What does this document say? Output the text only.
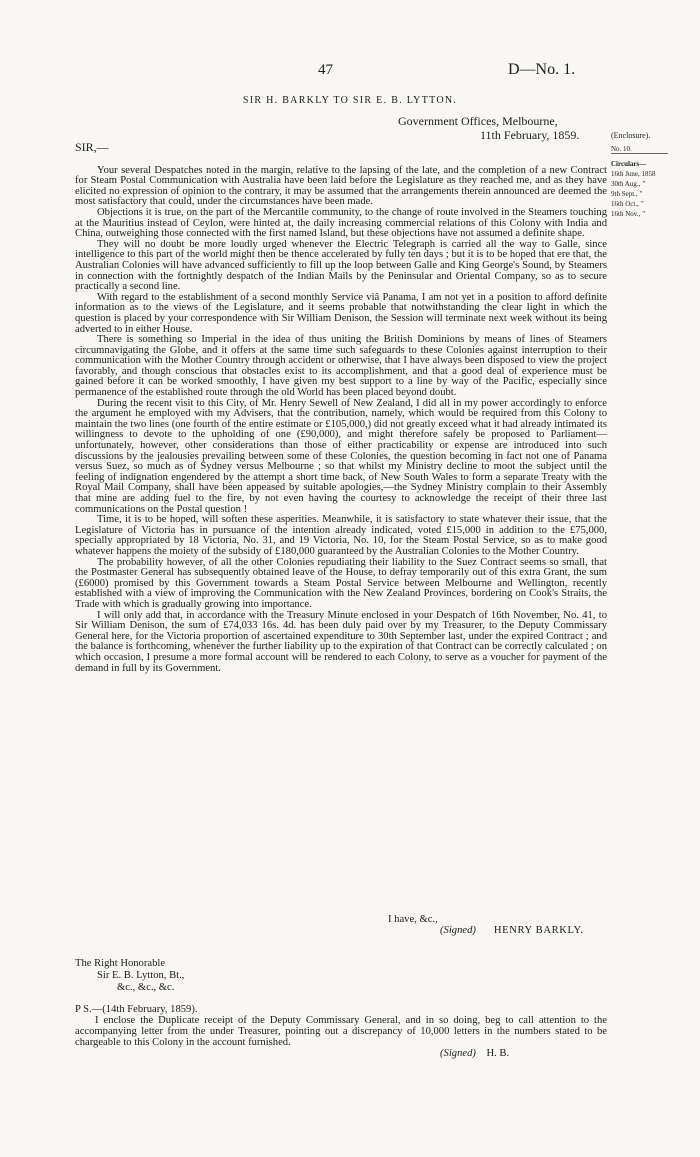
47	D—No. 1.
SIR H. BARKLY TO SIR E. B. LYTTON.
Government Offices, Melbourne,
11th February, 1859.	(Enclosure).
No. 10.
SIR,—
Circulars—
16th June, 1858
30th Aug., "
9th Sept., "
16th Oct., "
16th Nov., "

Your several Despatches noted in the margin, relative to the lapsing of the late, and the completion of a new Contract for Steam Postal Communication with Australia have been laid before the Legislature as they reached me, and as they have elicited no expression of opinion to the contrary, it may be assumed that the arrangements therein announced are deemed the most satisfactory that could, under the circumstances have been made.

Objections it is true, on the part of the Mercantile community, to the change of route involved in the Steamers touching at the Mauritius instead of Ceylon, were hinted at, the daily increasing commercial relations of this Colony with India and China, outweighing those connected with the first named Island, but these objections have not assumed a definite shape.

They will no doubt be more loudly urged whenever the Electric Telegraph is carried all the way to Galle, since intelligence to this part of the world might then be thence accelerated by fully ten days ; but it is to be hoped that ere that, the Australian Colonies will have advanced sufficiently to fill up the loop between Galle and King George's Sound, by Steamers in connection with the fortnightly despatch of the Indian Mails by the Peninsular and Oriental Company, so as to secure practically a second line.

With regard to the establishment of a second monthly Service viâ Panama, I am not yet in a position to afford definite information as to the views of the Legislature, and it seems probable that notwithstanding the clear light in which the question is placed by your correspondence with Sir William Denison, the Session will terminate next week without its being adverted to in either House.

There is something so Imperial in the idea of thus uniting the British Dominions by means of lines of Steamers circumnavigating the Globe, and it offers at the same time such safeguards to these Colonies against interruption to their communication with the Mother Country through accident or otherwise, that I have always been disposed to view the project favorably, and though conscious that obstacles exist to its accomplishment, and that a good deal of experience must be gained before it can be worked smoothly, I have given my best support to a line by way of the Pacific, especially since permanence of the established route through the old World has been placed beyond doubt.

During the recent visit to this City, of Mr. Henry Sewell of New Zealand, I did all in my power accordingly to enforce the argument he employed with my Advisers, that the contribution, namely, which would be required from this Colony to maintain the two lines (one fourth of the entire estimate or £105,000,) did not greatly exceed what it had already intimated its willingness to devote to the upholding of one (£90,000), and might therefore safely be proposed to Parliament—unfortunately, however, other considerations than those of either practicability or expense are introduced into such discussions by the jealousies prevailing between some of these Colonies, the question becoming in fact not one of Panama versus Suez, so much as of Sydney versus Melbourne ; so that whilst my Ministry decline to moot the subject until the feeling of indignation engendered by the attempt a short time back, of New South Wales to form a separate Treaty with the Royal Mail Company, shall have been appeased by suitable apologies,—the Sydney Ministry complain to their Assembly that mine are adding fuel to the fire, by not even having the courtesy to acknowledge the receipt of their three last communications on the Postal question !

Time, it is to be hoped, will soften these asperities. Meanwhile, it is satisfactory to state whatever their issue, that the Legislature of Victoria has in pursuance of the intention already indicated, voted £15,000 in addition to the £75,000, specially appropriated by 18 Victoria, No. 31, and 19 Victoria, No. 10, for the Steam Postal Service, so as to make good whatever happens the moiety of the subsidy of £180,000 guaranteed by the Australian Colonies to the Mother Country.

The probability however, of all the other Colonies repudiating their liability to the Suez Contract seems so small, that the Postmaster General has subsequently obtained leave of the House, to defray temporarily out of this extra Grant, the sum (£6000) promised by this Government towards a Steam Postal Service between Melbourne and Wellington, recently established with a view of improving the Communication with the New Zealand Provinces, bordering on Cook's Straits, the Trade with which is gradually growing into importance.

I will only add that, in accordance with the Treasury Minute enclosed in your Despatch of 16th November, No. 41, to Sir William Denison, the sum of £74,033 16s. 4d. has been duly paid over by my Treasurer, to the Deputy Commissary General here, for the Victoria proportion of ascertained expenditure to 30th September last, under the expired Contract ; and the balance is forthcoming, whenever the further liability up to the expiration of that Contract can be correctly calculated ; on which occasion, I presume a more formal account will be rendered to each Colony, to serve as a voucher for payment of the demand in full by its Government.

I have, &c.,
(Signed) HENRY BARKLY.
The Right Honorable
Sir E. B. Lytton, Bt.,
&c., &c., &c.

P S.—(14th February, 1859).

I enclose the Duplicate receipt of the Deputy Commissary General, and in so doing, beg to call attention to the accompanying letter from the under Treasurer, pointing out a discrepancy of 10,000 letters in the numbers stated to be chargeable to this Colony in the account furnished.

(Signed) H. B.
